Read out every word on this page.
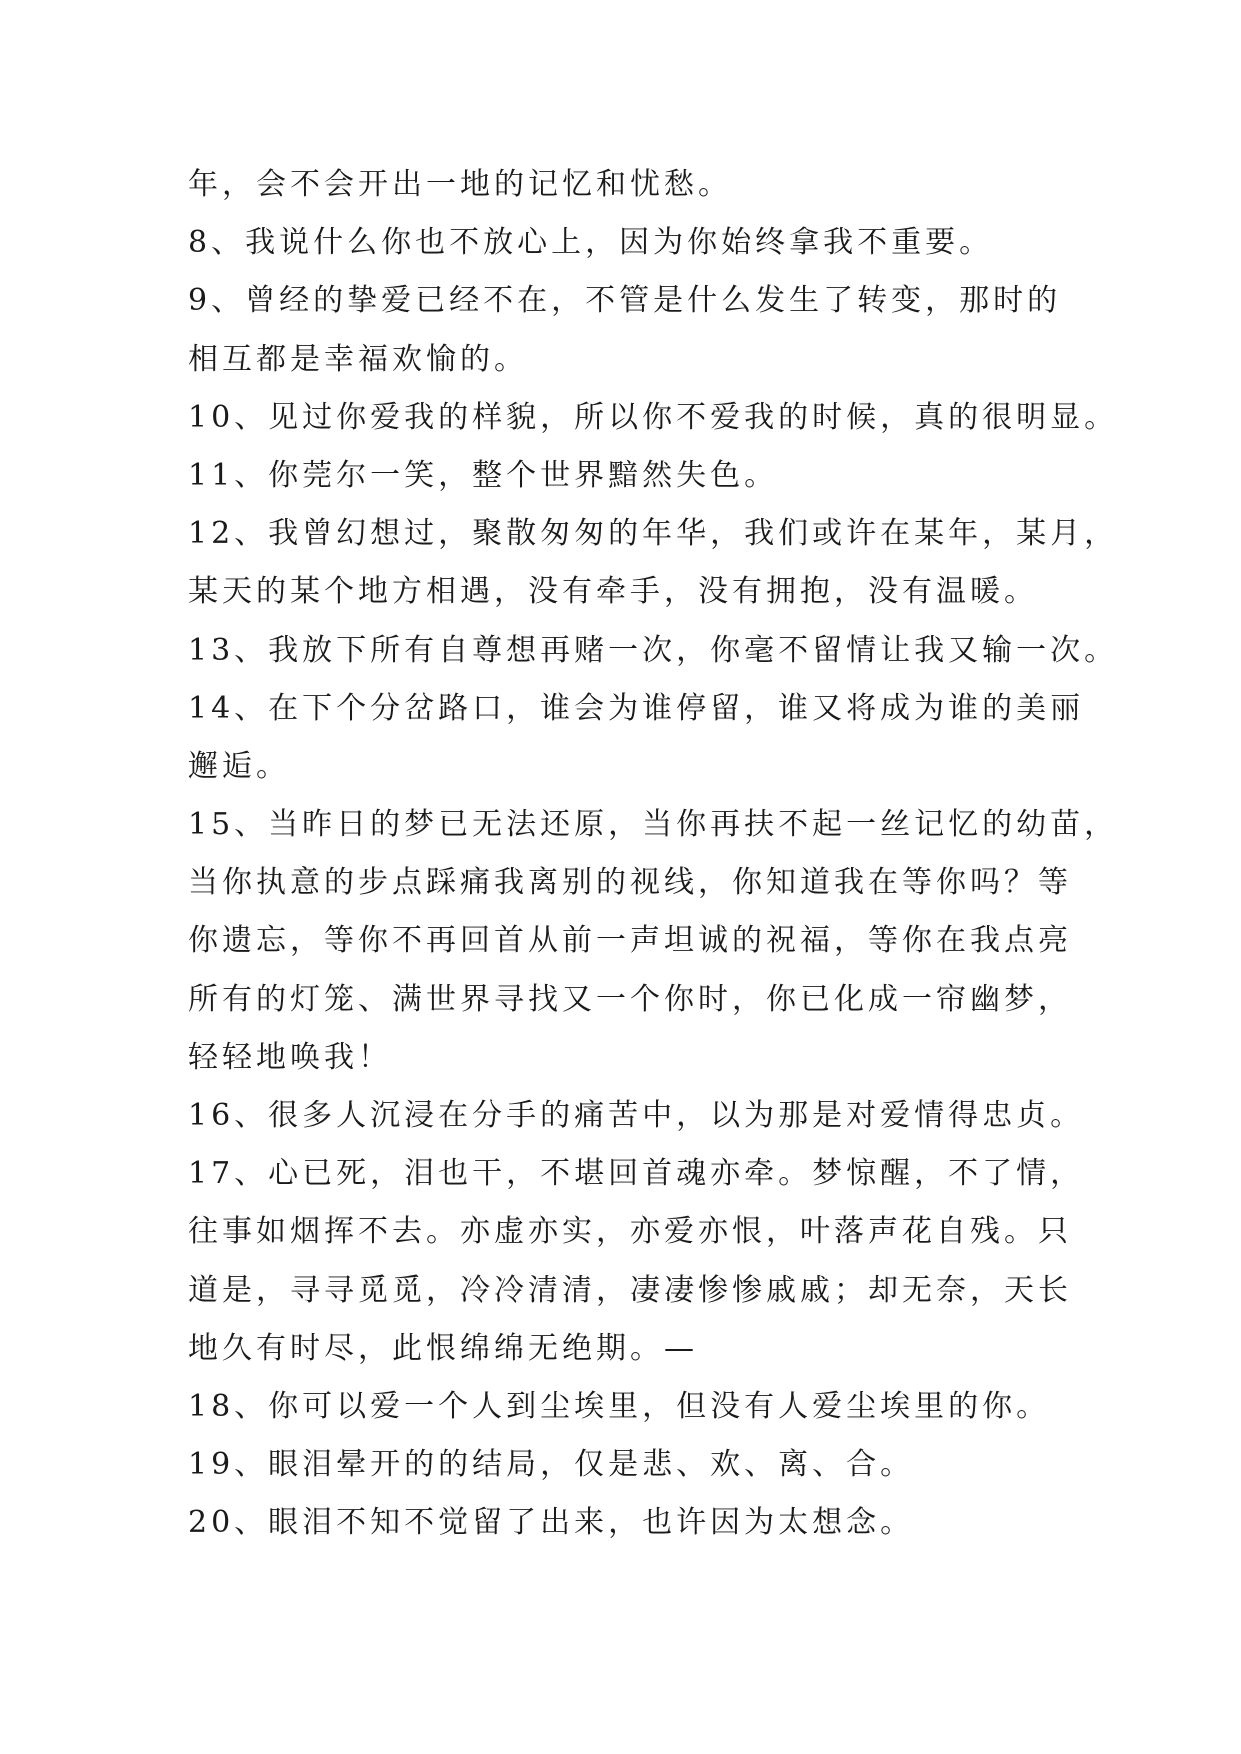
年，会不会开出一地的记忆和忧愁。
8、我说什么你也不放心上，因为你始终拿我不重要。
9、曾经的挚爱已经不在，不管是什么发生了转变，那时的
相互都是幸福欢愉的。
10、见过你爱我的样貌，所以你不爱我的时候，真的很明显。
11、你莞尔一笑，整个世界黯然失色。
12、我曾幻想过，聚散匆匆的年华，我们或许在某年，某月，
某天的某个地方相遇，没有牵手，没有拥抱，没有温暖。
13、我放下所有自尊想再赌一次，你毫不留情让我又输一次。
14、在下个分岔路口，谁会为谁停留，谁又将成为谁的美丽
邂逅。
15、当昨日的梦已无法还原，当你再扶不起一丝记忆的幼苗，
当你执意的步点踩痛我离别的视线，你知道我在等你吗？等
你遗忘，等你不再回首从前一声坦诚的祝福，等你在我点亮
所有的灯笼、满世界寻找又一个你时，你已化成一帘幽梦，
轻轻地唤我！
16、很多人沉浸在分手的痛苦中，以为那是对爱情得忠贞。
17、心已死，泪也干，不堪回首魂亦牵。梦惊醒，不了情，
往事如烟挥不去。亦虚亦实，亦爱亦恨，叶落声花自残。只
道是，寻寻觅觅，冷冷清清，凄凄惨惨戚戚；却无奈，天长
地久有时尽，此恨绵绵无绝期。—
18、你可以爱一个人到尘埃里，但没有人爱尘埃里的你。
19、眼泪晕开的的结局，仅是悲、欢、离、合。
20、眼泪不知不觉留了出来，也许因为太想念。
